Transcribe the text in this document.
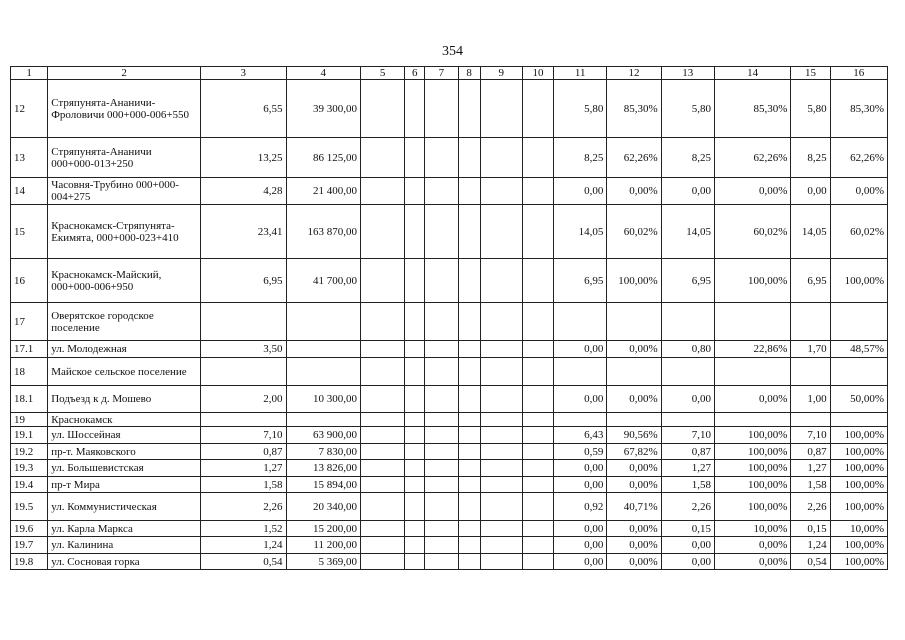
354
1	2	3	4	5	6	7	8	9	10	11	12	13	14	15	16
12	Стряпунята-Ананичи-Фроловичи 000+000-006+550	6,55	39 300,00							5,80	85,30%	5,80	85,30%	5,80	85,30%
13	Стряпунята-Ананичи 000+000-013+250	13,25	86 125,00							8,25	62,26%	8,25	62,26%	8,25	62,26%
14	Часовня-Трубино 000+000-004+275	4,28	21 400,00							0,00	0,00%	0,00	0,00%	0,00	0,00%
15	Краснокамск-Стряпунята-Екимята, 000+000-023+410	23,41	163 870,00							14,05	60,02%	14,05	60,02%	14,05	60,02%
16	Краснокамск-Майский, 000+000-006+950	6,95	41 700,00							6,95	100,00%	6,95	100,00%	6,95	100,00%
17	Оверятское городское поселение														
17.1	ул. Молодежная	3,50								0,00	0,00%	0,80	22,86%	1,70	48,57%
18	Майское сельское поселение														
18.1	Подъезд к д. Мошево	2,00	10 300,00							0,00	0,00%	0,00	0,00%	1,00	50,00%
19	Краснокамск														
19.1	ул. Шоссейная	7,10	63 900,00							6,43	90,56%	7,10	100,00%	7,10	100,00%
19.2	пр-т. Маяковского	0,87	7 830,00							0,59	67,82%	0,87	100,00%	0,87	100,00%
19.3	ул. Большевистская	1,27	13 826,00							0,00	0,00%	1,27	100,00%	1,27	100,00%
19.4	пр-т Мира	1,58	15 894,00							0,00	0,00%	1,58	100,00%	1,58	100,00%
19.5	ул. Коммунистическая	2,26	20 340,00							0,92	40,71%	2,26	100,00%	2,26	100,00%
19.6	ул. Карла Маркса	1,52	15 200,00							0,00	0,00%	0,15	10,00%	0,15	10,00%
19.7	ул. Калинина	1,24	11 200,00							0,00	0,00%	0,00	0,00%	1,24	100,00%
19.8	ул. Сосновая горка	0,54	5 369,00							0,00	0,00%	0,00	0,00%	0,54	100,00%
